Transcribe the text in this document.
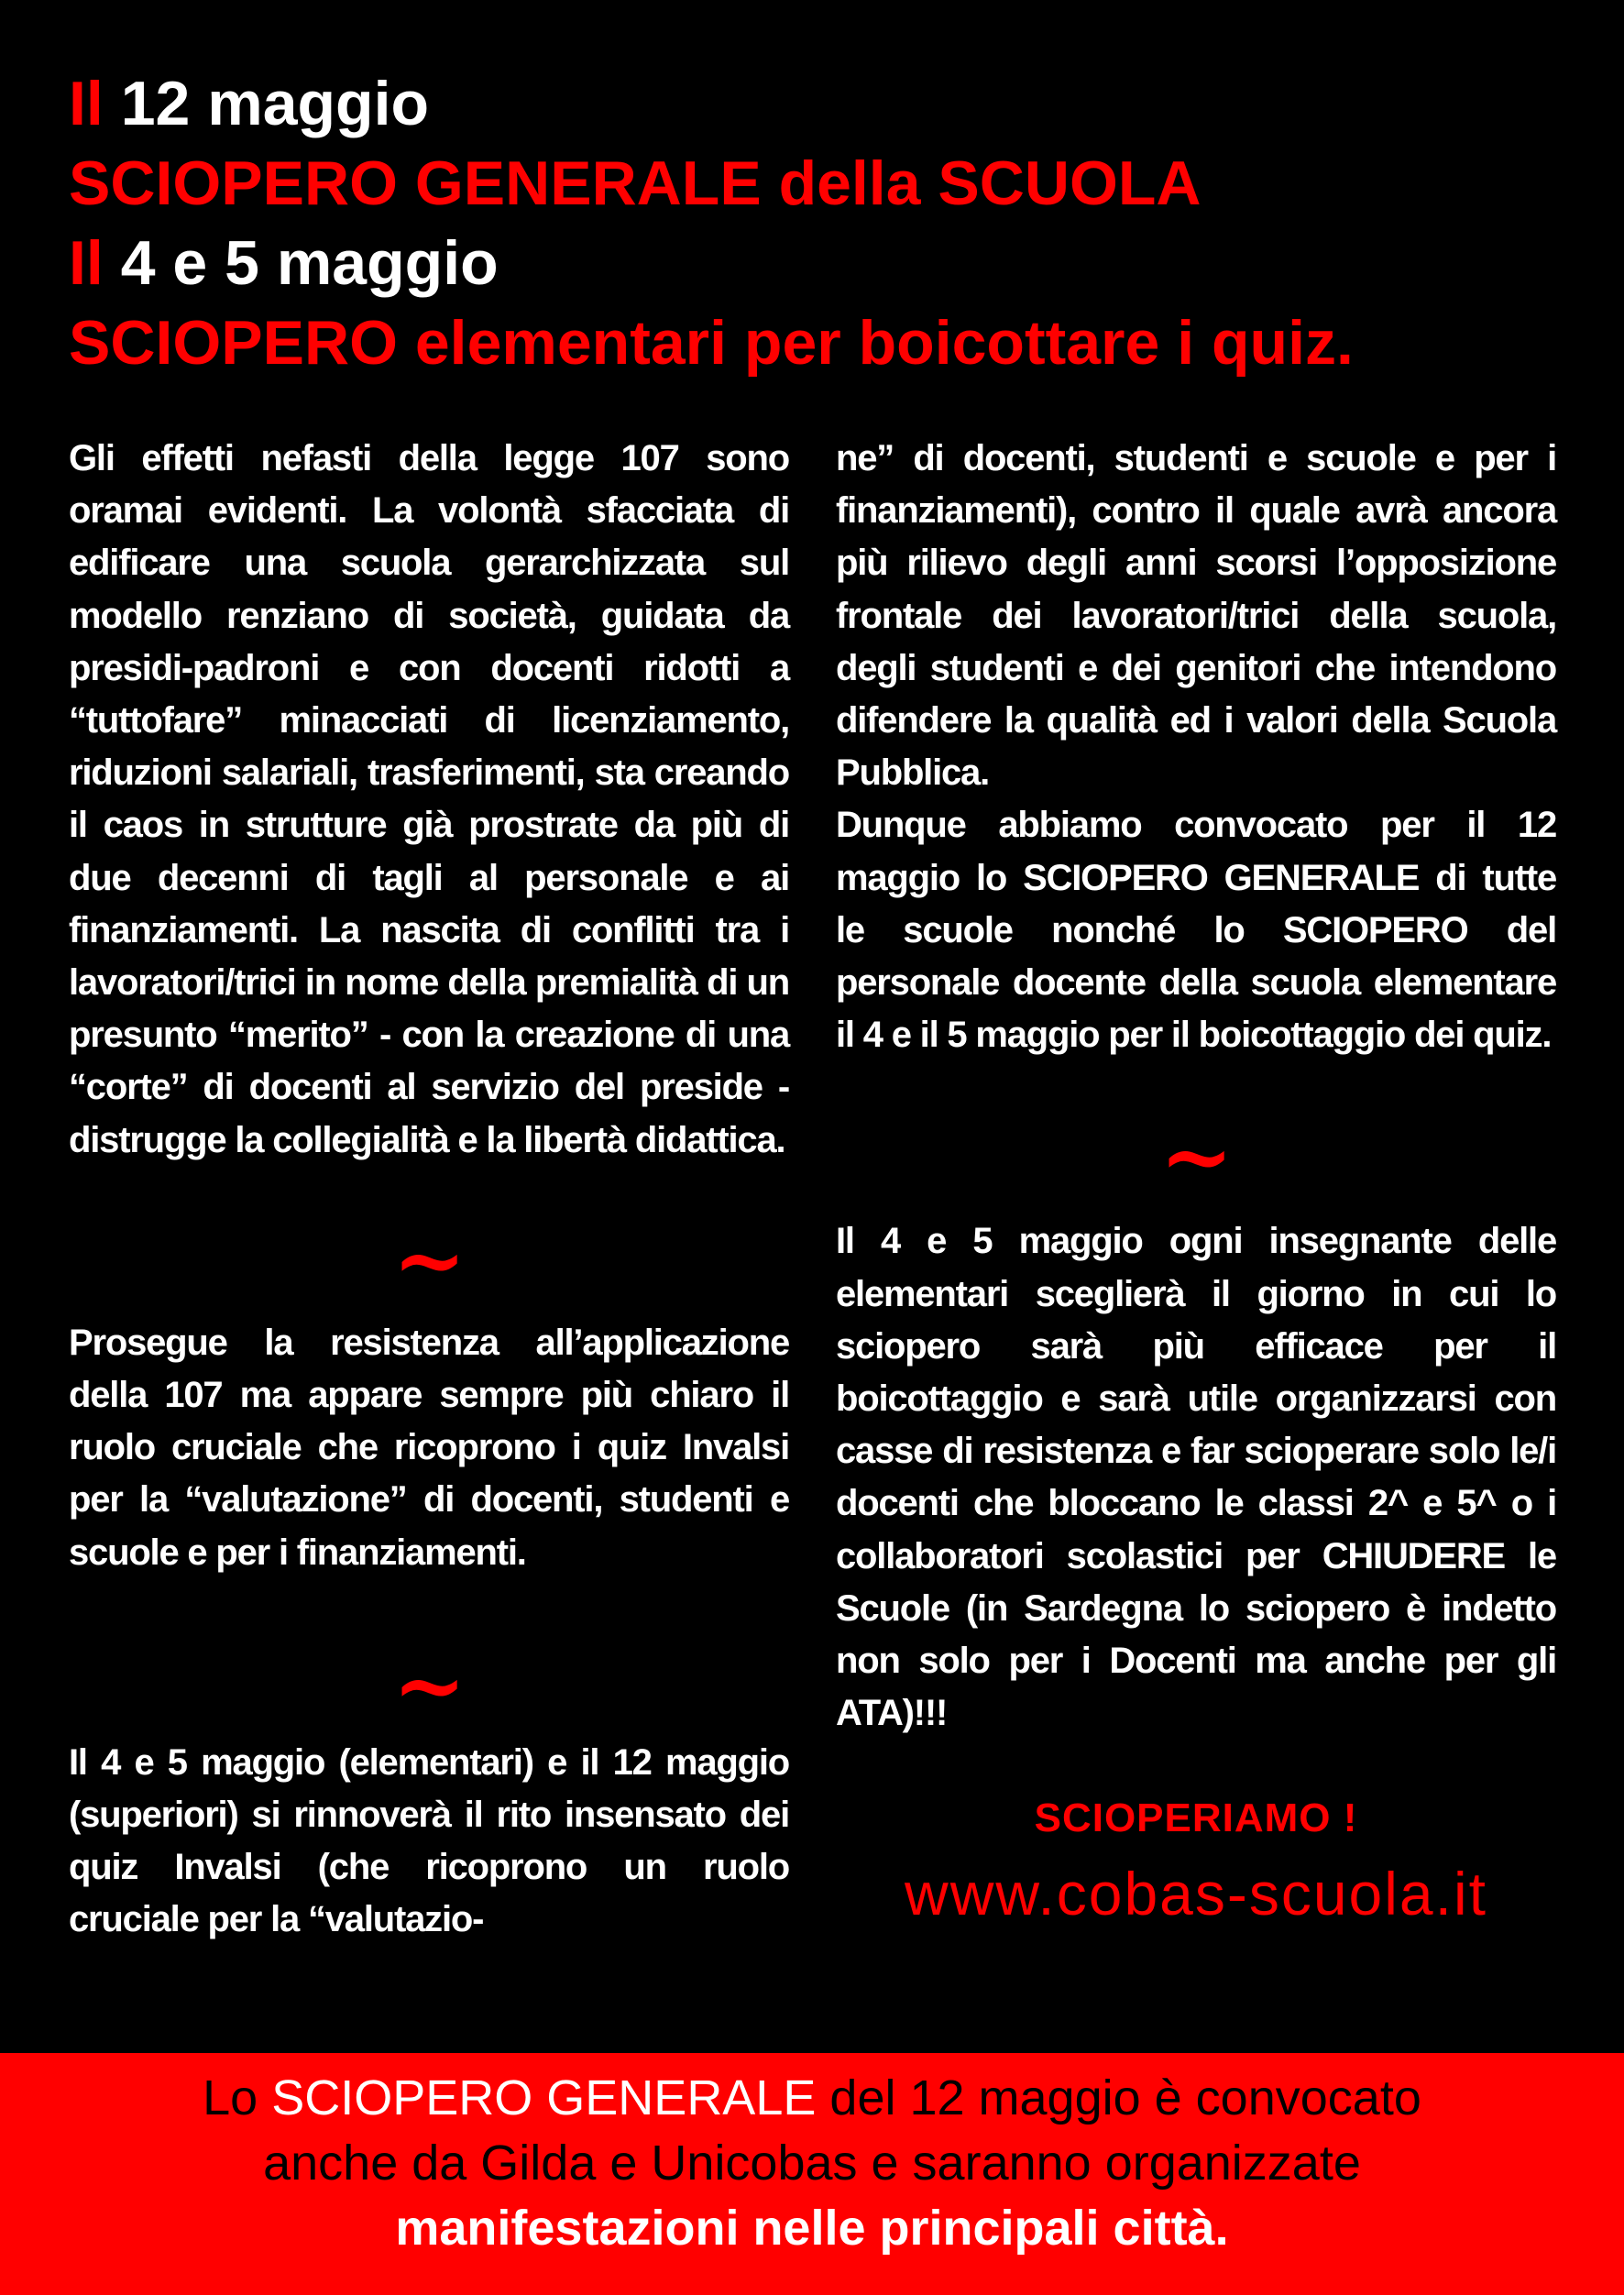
Il 12 maggio
SCIOPERO GENERALE della SCUOLA
Il 4 e 5 maggio
SCIOPERO elementari per boicottare i quiz.

Gli effetti nefasti della legge 107 sono oramai evidenti. La volontà sfacciata di edificare una scuola gerarchizzata sul modello renziano di società, guidata da presidi-padroni e con docenti ridotti a “tuttofare” minacciati di licenziamento, riduzioni salariali, trasferimenti, sta creando il caos in strutture già prostrate da più di due decenni di tagli al personale e ai finanziamenti. La nascita di conflitti tra i lavoratori/trici in nome della premialità di un presunto “merito” - con la creazione di una “corte” di docenti al servizio del preside - distrugge la collegialità e la libertà didattica.

~

Prosegue la resistenza all’applicazione della 107 ma appare sempre più chiaro il ruolo cruciale che ricoprono i quiz Invalsi per la “valutazione” di docenti, studenti e scuole e per i finanziamenti.

~

Il 4 e 5 maggio (elementari) e il 12 maggio (superiori) si rinnoverà il rito insensato dei quiz Invalsi (che ricoprono un ruolo cruciale per la “valutazio-

ne” di docenti, studenti e scuole e per i finanziamenti), contro il quale avrà ancora più rilievo degli anni scorsi l’opposizione frontale dei lavoratori/trici della scuola, degli studenti e dei genitori che intendono difendere la qualità ed i valori della Scuola Pubblica.

Dunque abbiamo convocato per il 12 maggio lo SCIOPERO GENERALE di tutte le scuole nonché lo SCIOPERO del personale docente della scuola elementare il 4 e il 5 maggio per il boicottaggio dei quiz.

~

Il 4 e 5 maggio ogni insegnante delle elementari sceglierà il giorno in cui lo sciopero sarà più efficace per il boicottaggio e sarà utile organizzarsi con casse di resistenza e far scioperare solo le/i docenti che bloccano le classi 2^ e 5^ o i collaboratori scolastici per CHIUDERE le Scuole (in Sardegna lo sciopero è indetto non solo per i Docenti ma anche per gli ATA)!!!

SCIOPERIAMO !
www.cobas-scuola.it
Lo SCIOPERO GENERALE del 12 maggio è convocato
anche da Gilda e Unicobas e saranno organizzate
manifestazioni nelle principali città.
